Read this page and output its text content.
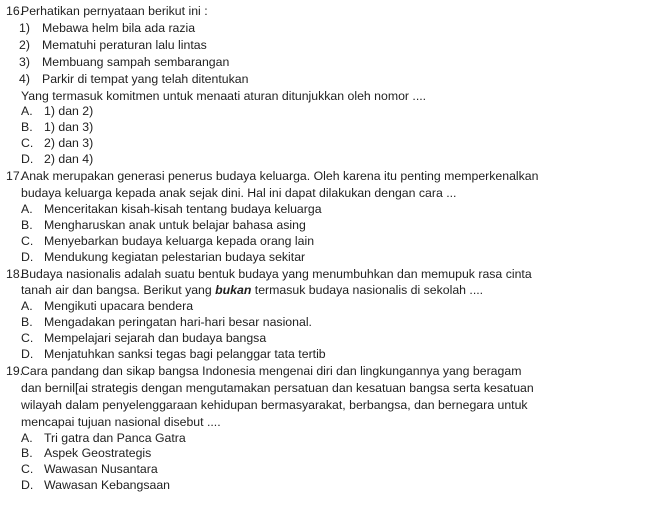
16.
Perhatikan pernyataan berikut ini :
1) Mebawa helm bila ada razia
2) Mematuhi peraturan lalu lintas
3) Membuang sampah sembarangan
4) Parkir di tempat yang telah ditentukan
Yang termasuk komitmen untuk menaati aturan ditunjukkan oleh nomor ....
A. 1) dan 2)
B. 1) dan 3)
C. 2) dan 3)
D. 2) dan 4)
17.
Anak merupakan generasi penerus budaya keluarga. Oleh karena itu penting memperkenalkan
budaya keluarga kepada anak sejak dini. Hal ini dapat dilakukan dengan cara ...
A. Menceritakan kisah-kisah tentang budaya keluarga
B. Mengharuskan anak untuk belajar bahasa asing
C. Menyebarkan budaya keluarga kepada orang lain
D. Mendukung kegiatan pelestarian budaya sekitar
18.
Budaya nasionalis adalah suatu bentuk budaya yang menumbuhkan dan memupuk rasa cinta
tanah air dan bangsa. Berikut yang bukan termasuk budaya nasionalis di sekolah ....
A. Mengikuti upacara bendera
B. Mengadakan peringatan hari-hari besar nasional.
C. Mempelajari sejarah dan budaya bangsa
D. Menjatuhkan sanksi tegas bagi pelanggar tata tertib
19.
Cara pandang dan sikap bangsa Indonesia mengenai diri dan lingkungannya yang beragam
dan bernil[ai strategis dengan mengutamakan persatuan dan kesatuan bangsa serta kesatuan
wilayah dalam penyelenggaraan kehidupan bermasyarakat, berbangsa, dan bernegara untuk
mencapai tujuan nasional disebut ....
A. Tri gatra dan Panca Gatra
B. Aspek Geostrategis
C. Wawasan Nusantara
D. Wawasan Kebangsaan
